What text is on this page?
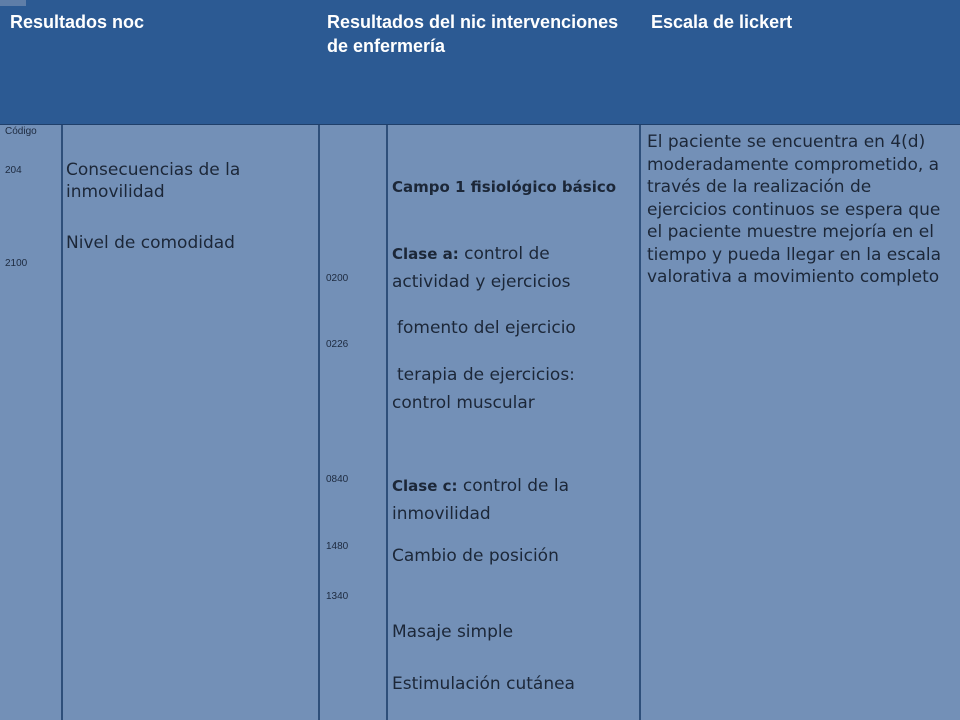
Resultados noc	Resultados del nic intervenciones de enfermería
Escala de lickert
Código
204
2100
Consecuencias de la inmovilidad
Nivel de comodidad
0200
0226
0840
1480
1340
Campo 1 fisiológico básico
Clase a: control de actividad y ejercicios
fomento del ejercicio
terapia de ejercicios: control muscular
Clase c: control de la inmovilidad
Cambio de posición
Masaje simple
Estimulación cutánea
El paciente se encuentra en 4(d) moderadamente comprometido, a través de la realización de ejercicios continuos se espera que el paciente muestre mejoría en el tiempo y pueda llegar en la escala valorativa a movimiento completo
